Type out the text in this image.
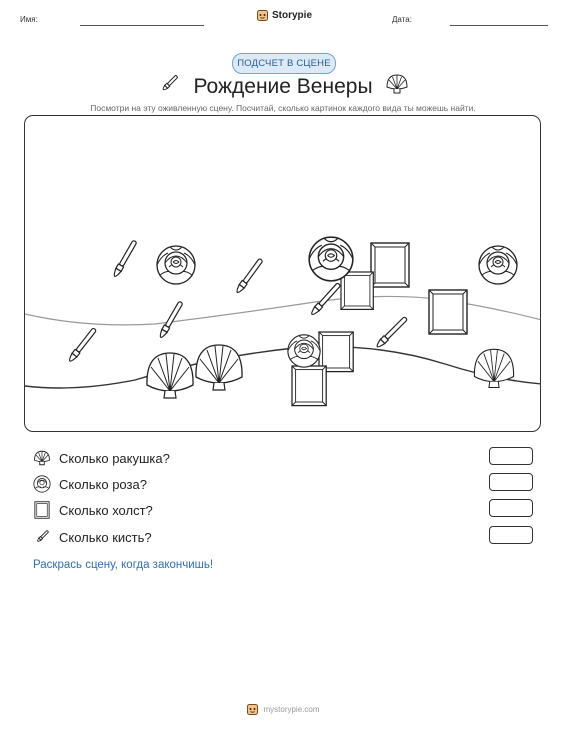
Имя:	Storypie	Дата:
ПОДСЧЕТ В СЦЕНЕ
Рождение Венеры
Посмотри на эту оживленную сцену. Посчитай, сколько картинок каждого вида ты можешь найти.
Сколько ракушка?
Сколько роза?
Сколько холст?
Сколько кисть?
Раскрась сцену, когда закончишь!
mystorypie.com
